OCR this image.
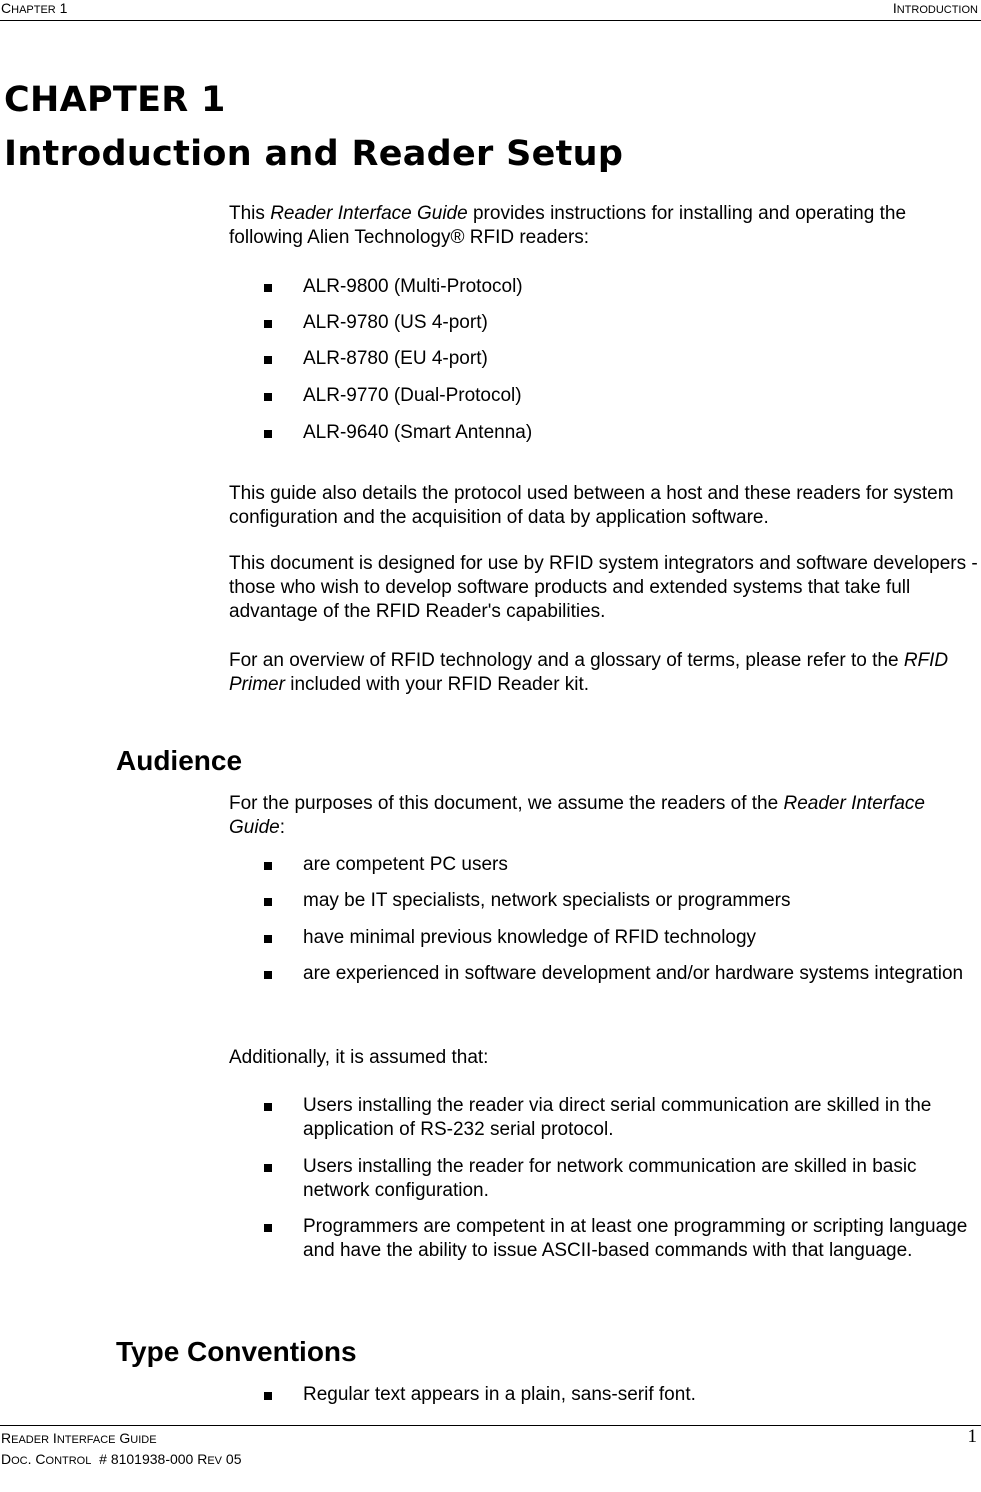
CHAPTER 1	INTRODUCTION
CHAPTER 1
Introduction and Reader Setup
This Reader Interface Guide provides instructions for installing and operating the following Alien Technology® RFID readers:
ALR-9800 (Multi-Protocol)
ALR-9780 (US 4-port)
ALR-8780 (EU 4-port)
ALR-9770 (Dual-Protocol)
ALR-9640 (Smart Antenna)
This guide also details the protocol used between a host and these readers for system configuration and the acquisition of data by application software.
This document is designed for use by RFID system integrators and software developers - those who wish to develop software products and extended systems that take full advantage of the RFID Reader's capabilities.
For an overview of RFID technology and a glossary of terms, please refer to the RFID Primer included with your RFID Reader kit.
Audience
For the purposes of this document, we assume the readers of the Reader Interface Guide:
are competent PC users
may be IT specialists, network specialists or programmers
have minimal previous knowledge of RFID technology
are experienced in software development and/or hardware systems integration
Additionally, it is assumed that:
Users installing the reader via direct serial communication are skilled in the application of RS-232 serial protocol.
Users installing the reader for network communication are skilled in basic network configuration.
Programmers are competent in at least one programming or scripting language and have the ability to issue ASCII-based commands with that language.
Type Conventions
Regular text appears in a plain, sans-serif font.
READER INTERFACE GUIDE
DOC. CONTROL  # 8101938-000 REV 05
1
